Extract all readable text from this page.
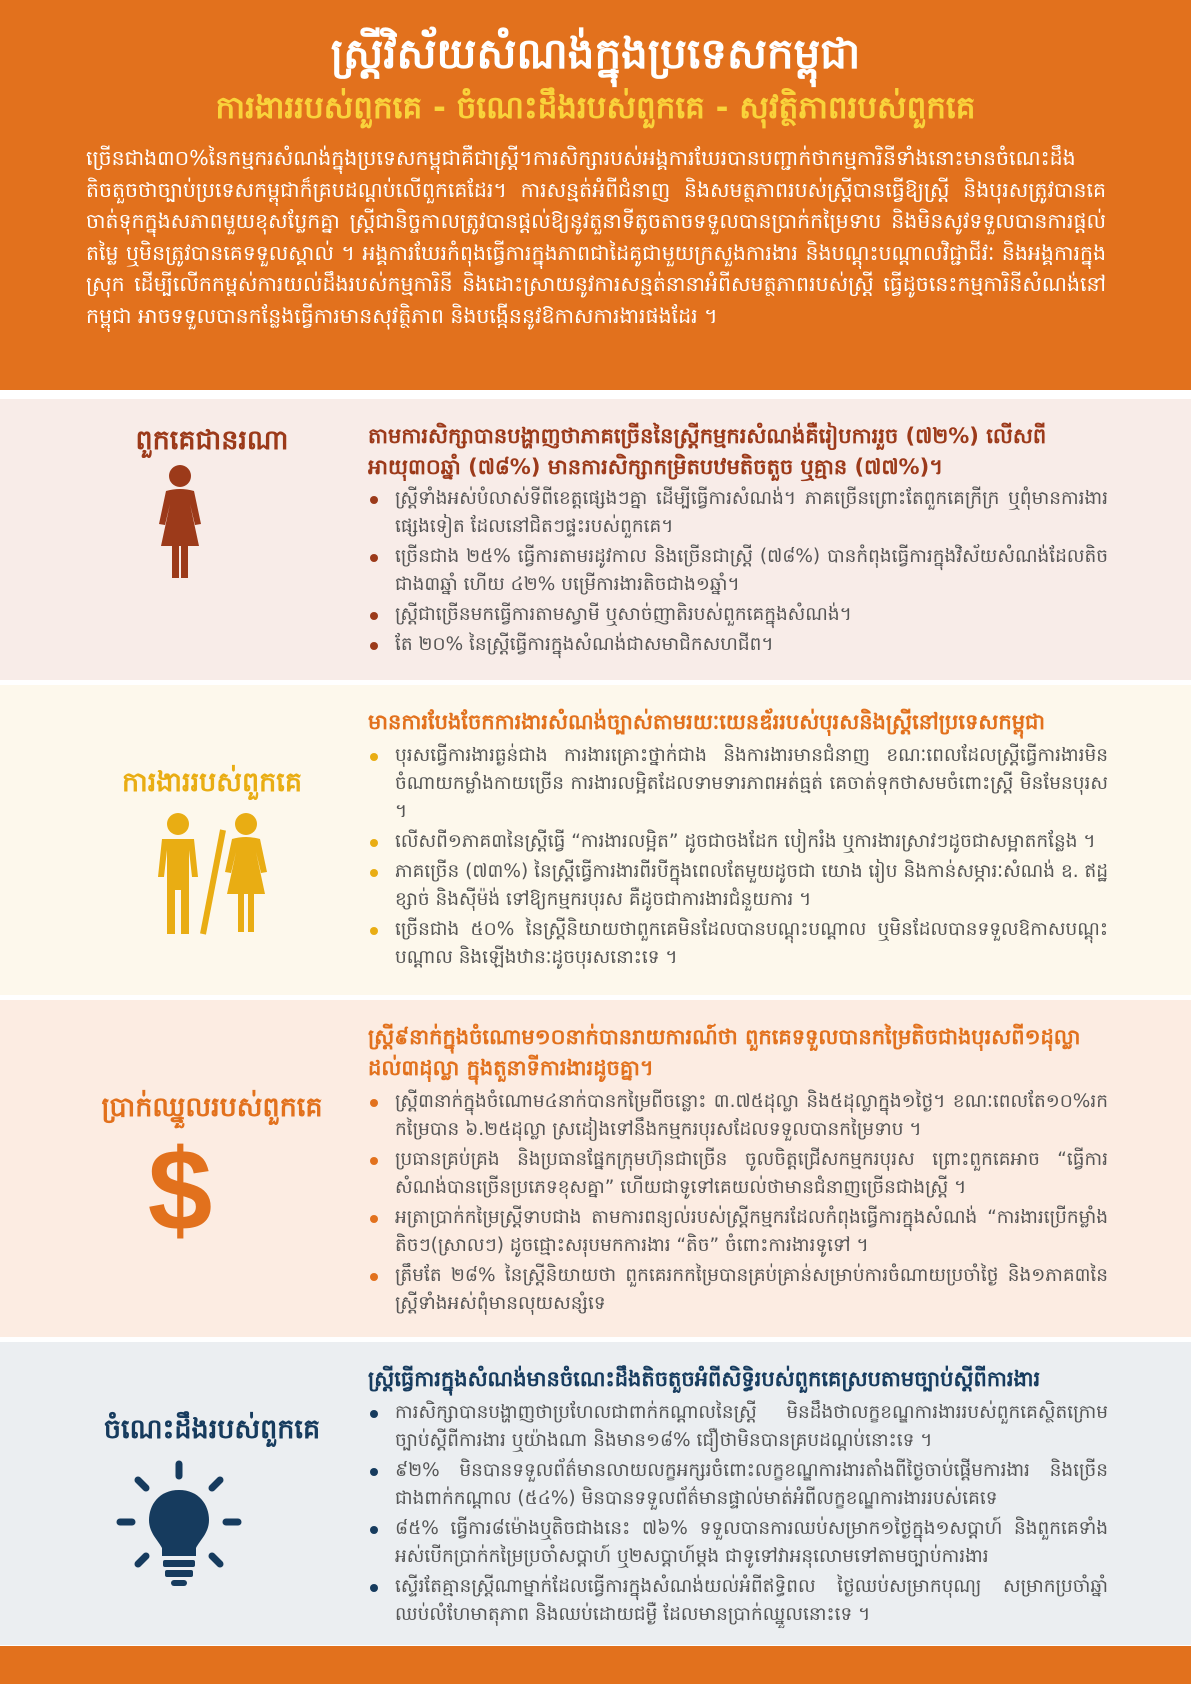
ស្ត្រីវិស័យសំណង់ក្នុងប្រទេសកម្ពុជា
ការងាររបស់ពួកគេ - ចំណេះដឹងរបស់ពួកគេ - សុវត្ថិភាពរបស់ពួកគេ
ច្រើនជាង៣០%នៃកម្មករសំណង់ក្នុងប្រទេសកម្ពុជាគឺជាស្ត្រី។ការសិក្សារបស់អង្គការឃែរបានបញ្ជាក់ថាកម្មការិនីទាំងនោះមានចំណេះដឹងតិចតួចថាច្បាប់ប្រទេសកម្ពុជាក៏គ្របដណ្តប់លើពួកគេដែរ។ ការសន្មត់អំពីជំនាញ និងសមត្ថភាពរបស់ស្ត្រីបានធ្វើឱ្យស្ត្រី និងបុរសត្រូវបានគេចាត់ទុកក្នុងសភាពមួយខុសប្លែកគ្នា ស្ត្រីជានិច្ចកាលត្រូវបានផ្តល់ឱ្យនូវតួនាទីតូចតាចទទួលបានប្រាក់កម្រៃទាប និងមិនសូវទទួលបានការផ្តល់តម្លៃ ឬមិនត្រូវបានគេទទួលស្គាល់ ។ អង្គការឃែរកំពុងធ្វើការក្នុងភាពជាដៃគូជាមួយក្រសួងការងារ និងបណ្តុះបណ្តាលវិជ្ជាជីវៈ និងអង្គការក្នុងស្រុក ដើម្បីលើកកម្ពស់ការយល់ដឹងរបស់កម្មការិនី និងដោះស្រាយនូវការសន្មត់នានាអំពីសមត្ថភាពរបស់ស្ត្រី ធ្វើដូចនេះកម្មការិនីសំណង់នៅកម្ពុជា អាចទទួលបានកន្លែងធ្វើការមានសុវត្ថិភាព និងបង្កើននូវឱកាសការងារផងដែរ ។
ពួកគេជានរណា	តាមការសិក្សាបានបង្ហាញថាភាគច្រើននៃស្ត្រីកម្មករសំណង់គឺរៀបការរួច (៧២%) លើសពីអាយុ៣០ឆ្នាំ (៧៨%) មានការសិក្សាកម្រិតបឋមតិចតួច ឬគ្មាន (៧៧%)។
ស្ត្រីទាំងអស់បំលាស់ទីពីខេត្តផ្សេងៗគ្នា ដើម្បីធ្វើការសំណង់។ ភាគច្រើនព្រោះតែពួកគេក្រីក្រ ឬពុំមានការងារផ្សេងទៀត ដែលនៅជិតៗផ្ទះរបស់ពួកគេ។
ច្រើនជាង ២៥% ធ្វើការតាមរដូវកាល និងច្រើនជាស្ត្រី (៧៨%) បានកំពុងធ្វើការក្នុងវិស័យសំណង់ដែលតិចជាង៣ឆ្នាំ ហើយ ៤២% បម្រើការងារតិចជាង១ឆ្នាំ។
ស្ត្រីជាច្រើនមកធ្វើការតាមស្វាមី ឬសាច់ញាតិរបស់ពួកគេក្នុងសំណង់។
តែ ២០% នៃស្ត្រីធ្វើការក្នុងសំណង់ជាសមាជិកសហជីព។
ការងាររបស់ពួកគេ
មានការបែងចែកការងារសំណង់ច្បាស់តាមរយៈយេនឌ័ររបស់បុរសនិងស្ត្រីនៅប្រទេសកម្ពុជា
បុរសធ្វើការងារធ្ងន់ជាង ការងារគ្រោះថ្នាក់ជាង និងការងារមានជំនាញ ខណៈពេលដែលស្ត្រីធ្វើការងារមិនចំណាយកម្លាំងកាយច្រើន ការងារលម្អិតដែលទាមទារភាពអត់ធ្មត់ គេចាត់ទុកថាសមចំពោះស្ត្រី មិនមែនបុរស ។
លើសពី១ភាគ៣នៃស្ត្រីធ្វើ “ការងារលម្អិត” ដូចជាចងដែក បៀករំង ឬការងារស្រាវៗដូចជាសម្អាតកន្លែង ។
ភាគច្រើន (៧៣%) នៃស្ត្រីធ្វើការងារពីរបីក្នុងពេលតែមួយដូចជា យោង រៀប និងកាន់សម្ភារៈសំណង់ ឧ. ឥដ្ឋ ខ្សាច់ និងស៊ីម៉ង់ ទៅឱ្យកម្មករបុរស គឺដូចជាការងារជំនួយការ ។
ច្រើនជាង ៥០% នៃស្ត្រីនិយាយថាពួកគេមិនដែលបានបណ្តុះបណ្តាល ឬមិនដែលបានទទួលឱកាសបណ្តុះបណ្តាល និងឡើងឋានៈដូចបុរសនោះទេ ។
ប្រាក់ឈ្នួលរបស់ពួកគេ
$
ស្ត្រី៩នាក់ក្នុងចំណោម១០នាក់បានរាយការណ៍ថា ពួកគេទទួលបានកម្រៃតិចជាងបុរសពី១ដុល្លាដល់៣ដុល្លា ក្នុងតួនាទីការងារដូចគ្នា។
ស្ត្រី៣នាក់ក្នុងចំណោម៤នាក់បានកម្រៃពីចន្លោះ ៣.៧៥ដុល្លា និង៥ដុល្លាក្នុង១ថ្ងៃ។ ខណៈពេលតែ១០%រកកម្រៃបាន ៦.២៥ដុល្លា ស្រដៀងទៅនឹងកម្មករបុរសដែលទទួលបានកម្រៃទាប ។
ប្រធានគ្រប់គ្រង និងប្រធានផ្នែកក្រុមហ៊ុនជាច្រើន ចូលចិត្តជ្រើសកម្មករបុរស ព្រោះពួកគេអាច “ធ្វើការសំណង់បានច្រើនប្រភេទខុសគ្នា” ហើយជាទូទៅគេយល់ថាមានជំនាញច្រើនជាងស្ត្រី ។
អត្រាប្រាក់កម្រៃស្ត្រីទាបជាង តាមការពន្យល់របស់ស្ត្រីកម្មករដែលកំពុងធ្វើការក្នុងសំណង់ “ការងារប្រើកម្លាំងតិចៗ(ស្រាលៗ) ដូចជ្មោះសរុបមកការងារ “តិច” ចំពោះការងារទូទៅ ។
ត្រឹមតែ ២៨% នៃស្ត្រីនិយាយថា ពួកគេរកកម្រៃបានគ្រប់គ្រាន់សម្រាប់ការចំណាយប្រចាំថ្ងៃ និង១ភាគ៣នៃស្ត្រីទាំងអស់ពុំមានលុយសន្សំទេ
ចំណេះដឹងរបស់ពួកគេ
ស្ត្រីធ្វើការក្នុងសំណង់មានចំណេះដឹងតិចតួចអំពីសិទ្ធិរបស់ពួកគេស្របតាមច្បាប់ស្តីពីការងារ
ការសិក្សាបានបង្ហាញថាប្រហែលជាពាក់កណ្តាលនៃស្ត្រី មិនដឹងថាលក្ខខណ្ឌការងាររបស់ពួកគេស្ថិតក្រោមច្បាប់ស្តីពីការងារ ឬយ៉ាងណា និងមាន១៨% ជឿថាមិនបានគ្របដណ្តប់នោះទេ ។
៩២% មិនបានទទួលព័ត៌មានលាយលក្ខអក្សរចំពោះលក្ខខណ្ឌការងារតាំងពីថ្ងៃចាប់ផ្តើមការងារ និងច្រើនជាងពាក់កណ្តាល (៥៤%) មិនបានទទួលព័ត៌មានផ្ទាល់មាត់អំពីលក្ខខណ្ឌការងាររបស់គេទេ
៨៥% ធ្វើការ៨ម៉ោងឬតិចជាងនេះ ៧៦% ទទួលបានការឈប់សម្រាក១ថ្ងៃក្នុង១សប្តាហ៍ និងពួកគេទាំងអស់បើកប្រាក់កម្រៃប្រចាំសប្តាហ៍ ឬ២សប្តាហ៍ម្តង ជាទូទៅវាអនុលោមទៅតាមច្បាប់ការងារ
ស្ទើរតែគ្មានស្ត្រីណាម្នាក់ដែលធ្វើការក្នុងសំណង់យល់អំពីឥទ្ធិពល ថ្ងៃឈប់សម្រាកបុណ្យ សម្រាកប្រចាំឆ្នាំ ឈប់លំហែមាតុភាព និងឈប់ដោយជម្ងឺ ដែលមានប្រាក់ឈ្នួលនោះទេ ។
